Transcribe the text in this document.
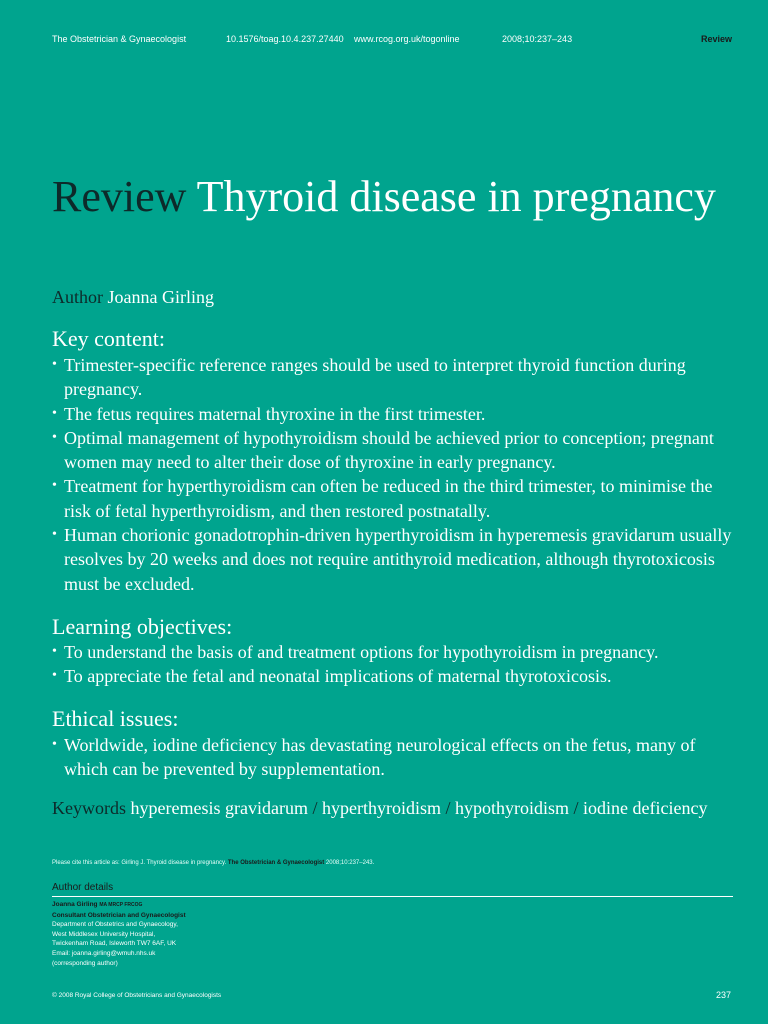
The Obstetrician & Gynaecologist	10.1576/toag.10.4.237.27440 www.rcog.org.uk/togonline	2008;10:237–243	Review
Review Thyroid disease in pregnancy
Author Joanna Girling
Key content:
• Trimester-specific reference ranges should be used to interpret thyroid function during pregnancy.
• The fetus requires maternal thyroxine in the first trimester.
• Optimal management of hypothyroidism should be achieved prior to conception; pregnant women may need to alter their dose of thyroxine in early pregnancy.
• Treatment for hyperthyroidism can often be reduced in the third trimester, to minimise the risk of fetal hyperthyroidism, and then restored postnatally.
• Human chorionic gonadotrophin-driven hyperthyroidism in hyperemesis gravidarum usually resolves by 20 weeks and does not require antithyroid medication, although thyrotoxicosis must be excluded.
Learning objectives:
• To understand the basis of and treatment options for hypothyroidism in pregnancy.
• To appreciate the fetal and neonatal implications of maternal thyrotoxicosis.
Ethical issues:
• Worldwide, iodine deficiency has devastating neurological effects on the fetus, many of which can be prevented by supplementation.
Keywords hyperemesis gravidarum / hyperthyroidism / hypothyroidism / iodine deficiency
Please cite this article as: Girling J. Thyroid disease in pregnancy. The Obstetrician & Gynaecologist 2008;10:237–243.
Author details
Joanna Girling MA MRCP FRCOG
Consultant Obstetrician and Gynaecologist
Department of Obstetrics and Gynaecology,
West Middlesex University Hospital,
Twickenham Road, Isleworth TW7 6AF, UK
Email: joanna.girling@wmuh.nhs.uk
(corresponding author)
© 2008 Royal College of Obstetricians and Gynaecologists	237
